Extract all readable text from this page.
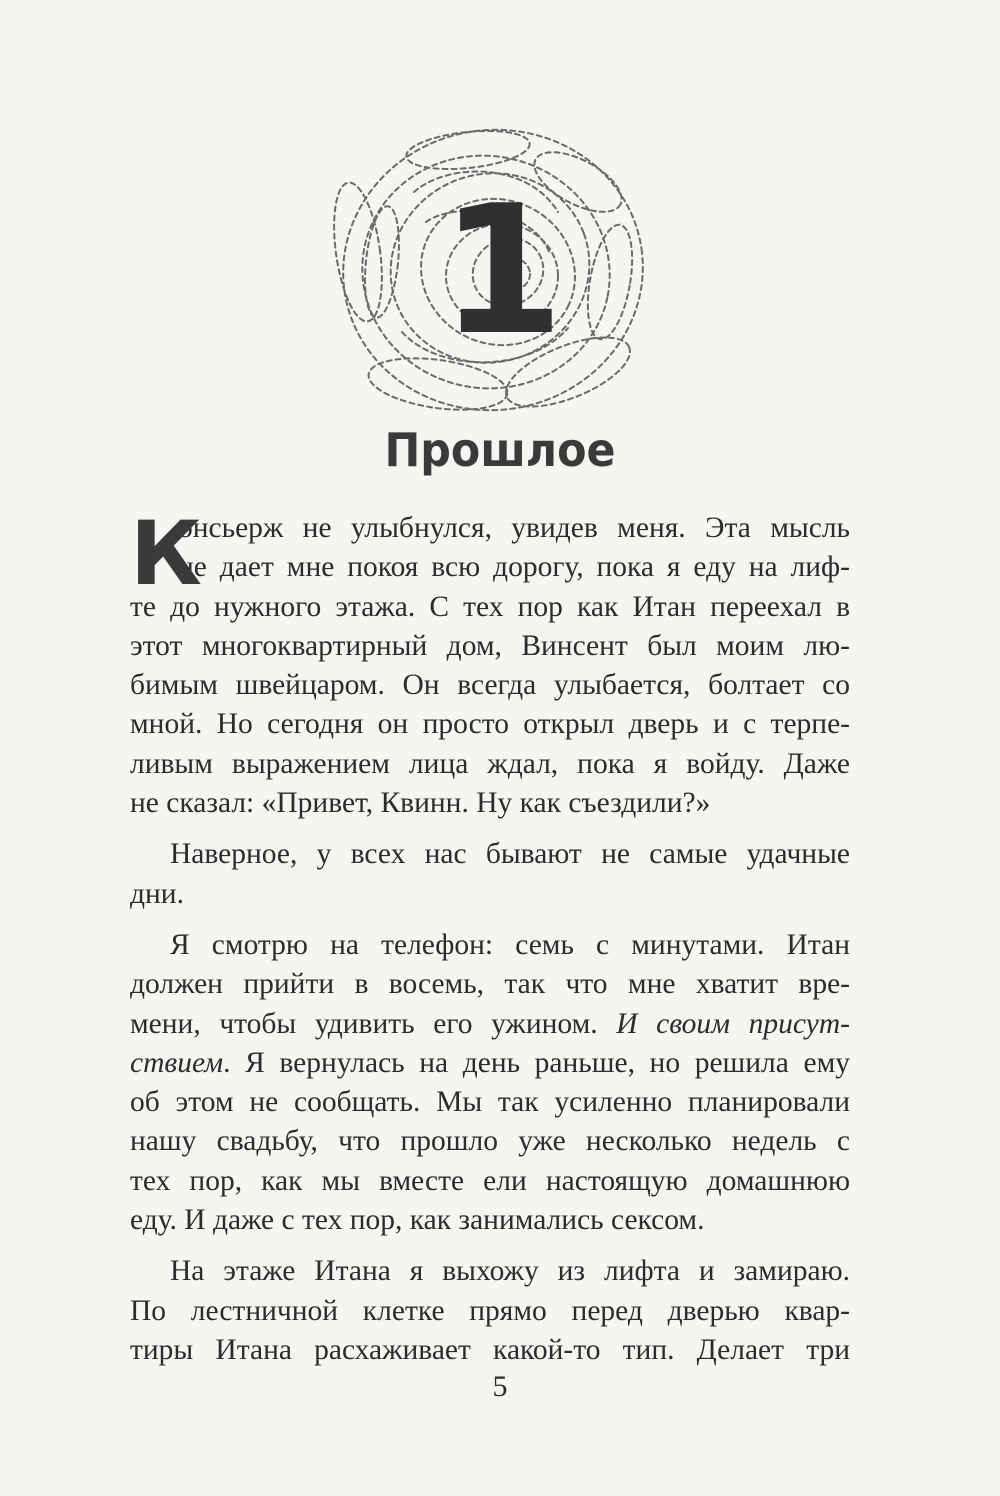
1
Прошлое
К
онсьерж не улыбнулся, увидев меня. Эта мысль
не дает мне покоя всю дорогу, пока я еду на лиф-
те до нужного этажа. С тех пор как Итан переехал в
этот многоквартирный дом, Винсент был моим лю-
бимым швейцаром. Он всегда улыбается, болтает со
мной. Но сегодня он просто открыл дверь и с терпе-
ливым выражением лица ждал, пока я войду. Даже
не сказал: «Привет, Квинн. Ну как съездили?»
Наверное, у всех нас бывают не самые удачные
дни.
Я смотрю на телефон: семь с минутами. Итан
должен прийти в восемь, так что мне хватит вре-
мени, чтобы удивить его ужином. И своим присут-
ствием. Я вернулась на день раньше, но решила ему
об этом не сообщать. Мы так усиленно планировали
нашу свадьбу, что прошло уже несколько недель с
тех пор, как мы вместе ели настоящую домашнюю
еду. И даже с тех пор, как занимались сексом.
На этаже Итана я выхожу из лифта и замираю.
По лестничной клетке прямо перед дверью квар-
тиры Итана расхаживает какой-то тип. Делает три
5
